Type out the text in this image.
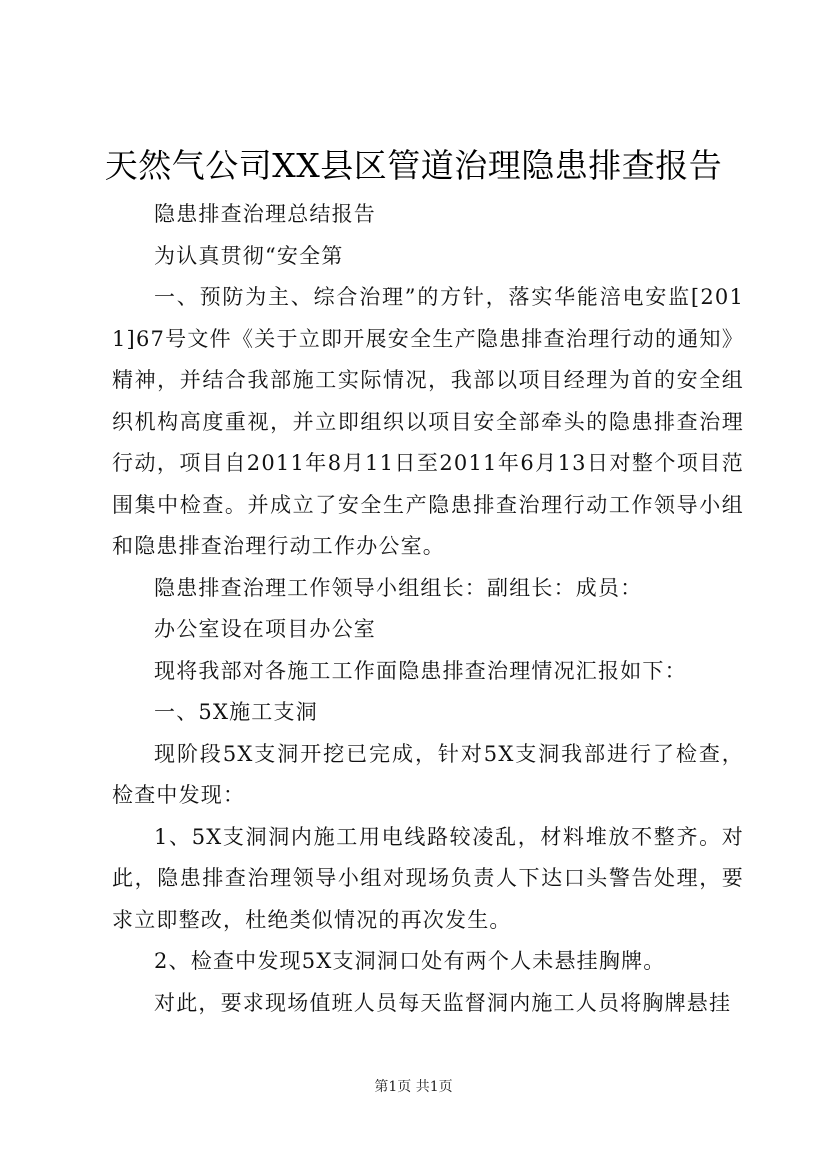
天然气公司XX县区管道治理隐患排查报告

隐患排查治理总结报告

为认真贯彻“安全第

一、预防为主、综合治理”的方针，落实华能涪电安监[2011]67号文件《关于立即开展安全生产隐患排查治理行动的通知》精神，并结合我部施工实际情况，我部以项目经理为首的安全组织机构高度重视，并立即组织以项目安全部牵头的隐患排查治理行动，项目自2011年8月11日至2011年6月13日对整个项目范围集中检查。并成立了安全生产隐患排查治理行动工作领导小组和隐患排查治理行动工作办公室。

隐患排查治理工作领导小组组长：副组长：成员：

办公室设在项目办公室

现将我部对各施工工作面隐患排查治理情况汇报如下：

一、5X施工支洞

现阶段5X支洞开挖已完成，针对5X支洞我部进行了检查，检查中发现：

1、5X支洞洞内施工用电线路较凌乱，材料堆放不整齐。对此，隐患排查治理领导小组对现场负责人下达口头警告处理，要求立即整改，杜绝类似情况的再次发生。

2、检查中发现5X支洞洞口处有两个人未悬挂胸牌。

对此，要求现场值班人员每天监督洞内施工人员将胸牌悬挂

第1页 共1页
